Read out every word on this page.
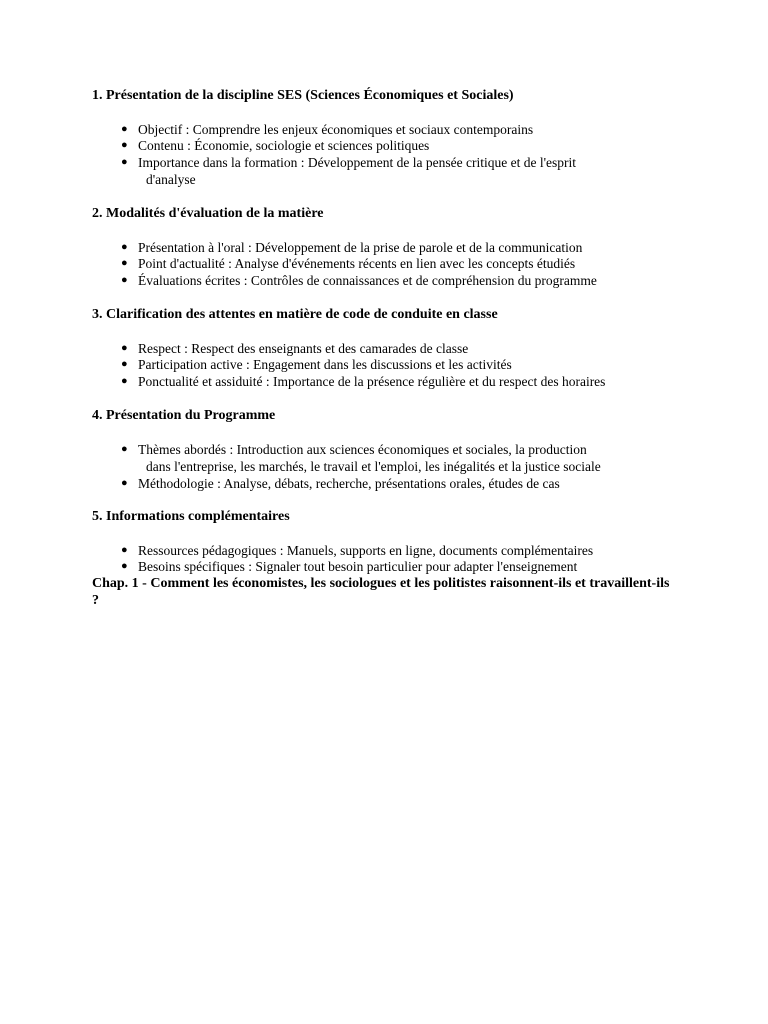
1. Présentation de la discipline SES (Sciences Économiques et Sociales)
● Objectif : Comprendre les enjeux économiques et sociaux contemporains
● Contenu : Économie, sociologie et sciences politiques
● Importance dans la formation : Développement de la pensée critique et de l'esprit
d'analyse
2. Modalités d'évaluation de la matière
● Présentation à l'oral : Développement de la prise de parole et de la communication
● Point d'actualité : Analyse d'événements récents en lien avec les concepts étudiés
● Évaluations écrites : Contrôles de connaissances et de compréhension du programme
3. Clarification des attentes en matière de code de conduite en classe
● Respect : Respect des enseignants et des camarades de classe
● Participation active : Engagement dans les discussions et les activités
● Ponctualité et assiduité : Importance de la présence régulière et du respect des horaires
4. Présentation du Programme
● Thèmes abordés : Introduction aux sciences économiques et sociales, la production
dans l'entreprise, les marchés, le travail et l'emploi, les inégalités et la justice sociale
● Méthodologie : Analyse, débats, recherche, présentations orales, études de cas
5. Informations complémentaires
● Ressources pédagogiques : Manuels, supports en ligne, documents complémentaires
● Besoins spécifiques : Signaler tout besoin particulier pour adapter l'enseignement
Chap. 1 - Comment les économistes, les sociologues et les politistes raisonnent-ils et travaillent-ils ?
